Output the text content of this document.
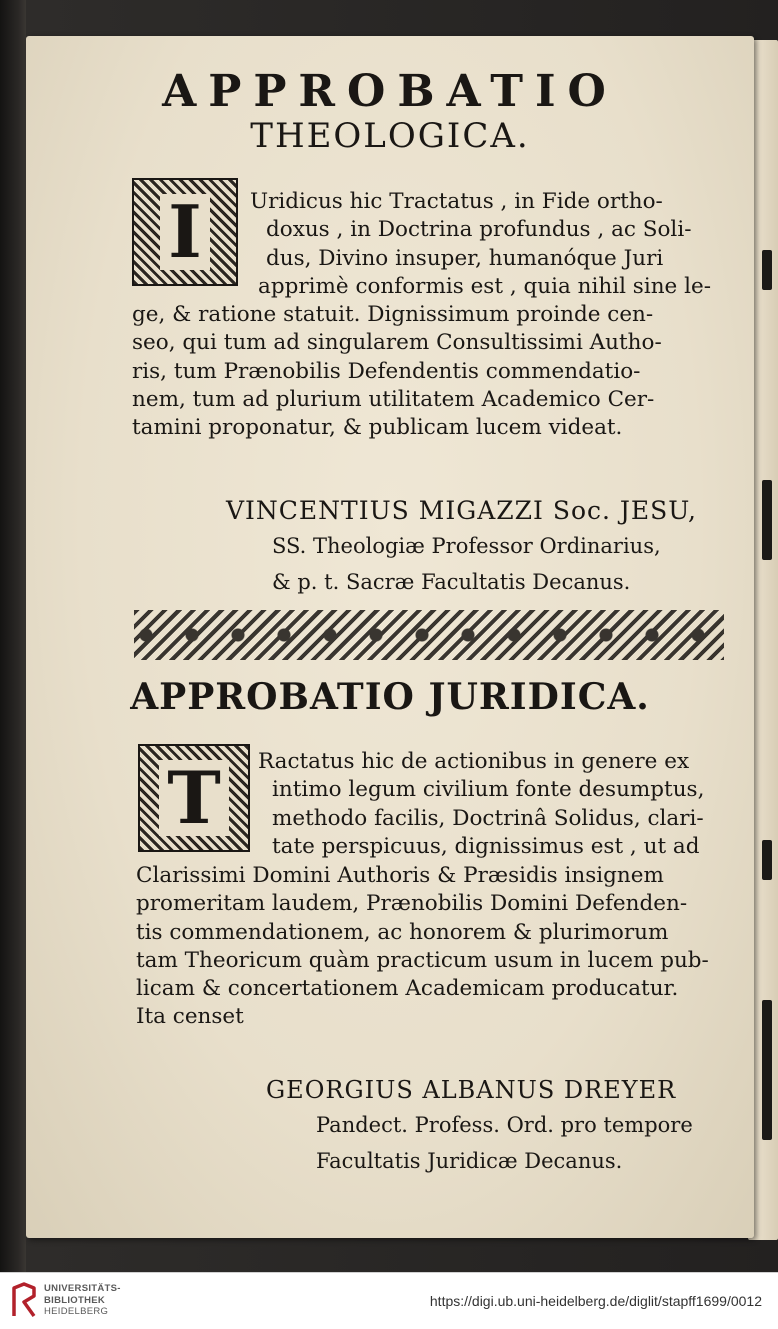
APPROBATIO
THEOLOGICA.
I	Uridicus hic Tractatus , in Fide ortho-
doxus , in Doctrina profundus , ac Soli-
dus, Divino insuper, humanóque Juri
apprimè conformis est , quia nihil sine le-
ge, & ratione statuit. Dignissimum proinde cen-
seo, qui tum ad singularem Consultissimi Autho-
ris, tum Prænobilis Defendentis commendatio-
nem, tum ad plurium utilitatem Academico Cer-
tamini proponatur, & publicam lucem videat.
VINCENTIUS MIGAZZI Soc. JESU,
SS. Theologiæ Professor Ordinarius,
& p. t. Sacræ Facultatis Decanus.
APPROBATIO JURIDICA.
T	Ractatus hic de actionibus in genere ex
intimo legum civilium fonte desumptus,
methodo facilis, Doctrinâ Solidus, clari-
tate perspicuus, dignissimus est , ut ad
Clarissimi Domini Authoris & Præsidis insignem
promeritam laudem, Prænobilis Domini Defenden-
tis commendationem, ac honorem & plurimorum
tam Theoricum quàm practicum usum in lucem pub-
licam & concertationem Academicam producatur.
Ita censet
GEORGIUS ALBANUS DREYER
Pandect. Profess. Ord. pro tempore
Facultatis Juridicæ Decanus.
UNIVERSITÄTS-
BIBLIOTHEK
HEIDELBERG
https://digi.ub.uni-heidelberg.de/diglit/stapff1699/0012
